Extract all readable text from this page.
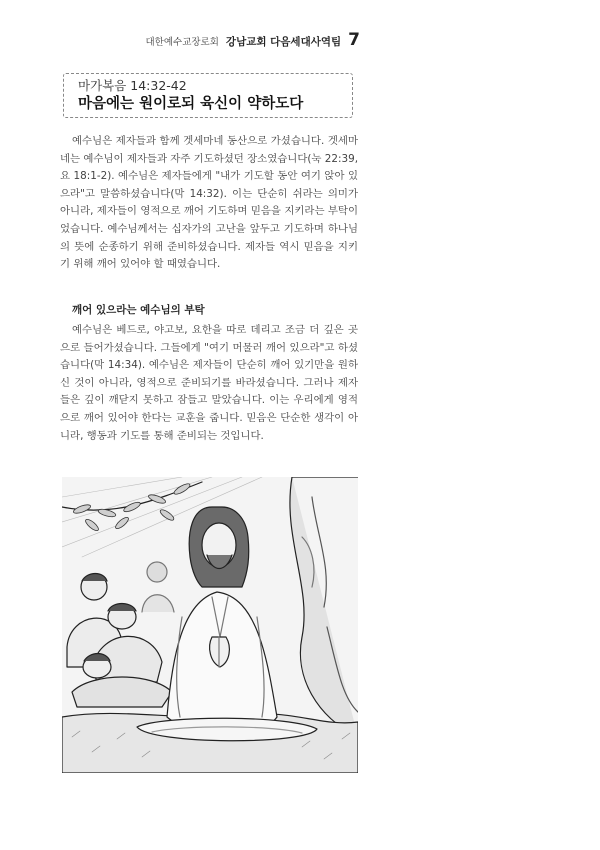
대한예수교장로회 강남교회 다음세대사역팀 7
마가복음 14:32-42
마음에는 원이로되 육신이 약하도다

예수님은 제자들과 함께 겟세마네 동산으로 가셨습니다. 겟세마네는 예수님이 제자들과 자주 기도하셨던 장소였습니다(눅 22:39, 요 18:1-2). 예수님은 제자들에게 "내가 기도할 동안 여기 앉아 있으라"고 말씀하셨습니다(막 14:32). 이는 단순히 쉬라는 의미가 아니라, 제자들이 영적으로 깨어 기도하며 믿음을 지키라는 부탁이었습니다. 예수님께서는 십자가의 고난을 앞두고 기도하며 하나님의 뜻에 순종하기 위해 준비하셨습니다. 제자들 역시 믿음을 지키기 위해 깨어 있어야 할 때였습니다.

깨어 있으라는 예수님의 부탁

예수님은 베드로, 야고보, 요한을 따로 데리고 조금 더 깊은 곳으로 들어가셨습니다. 그들에게 "여기 머물러 깨어 있으라"고 하셨습니다(막 14:34). 예수님은 제자들이 단순히 깨어 있기만을 원하신 것이 아니라, 영적으로 준비되기를 바라셨습니다. 그러나 제자들은 깊이 깨닫지 못하고 잠들고 말았습니다. 이는 우리에게 영적으로 깨어 있어야 한다는 교훈을 줍니다. 믿음은 단순한 생각이 아니라, 행동과 기도를 통해 준비되는 것입니다.
